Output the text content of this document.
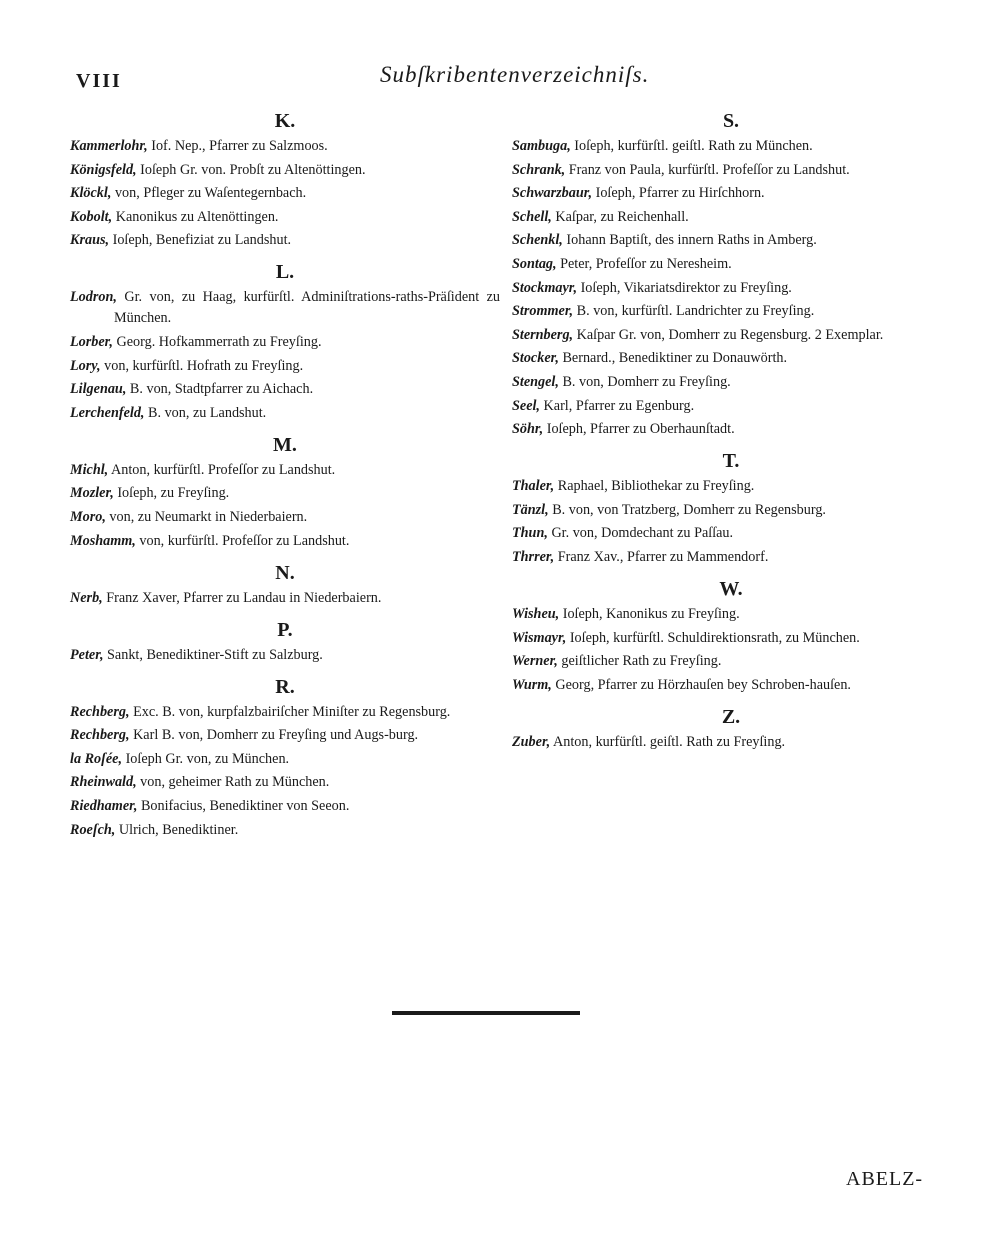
VIII	Subſkribentenverzeichniſs.
K.
Kammerlohr, Iof. Nep., Pfarrer zu Salzmoos.
Königsfeld, Ioſeph Gr. von. Probſt zu Altenöttingen.
Klöckl, von, Pfleger zu Waſentegernbach.
Kobolt, Kanonikus zu Altenöttingen.
Kraus, Ioſeph, Benefiziat zu Landshut.
L.
Lodron, Gr. von, zu Haag, kurfürſtl. Adminiſtrations-raths-Präſident zu München.
Lorber, Georg. Hofkammerrath zu Freyſing.
Lory, von, kurfürſtl. Hofrath zu Freyſing.
Lilgenau, B. von, Stadtpfarrer zu Aichach.
Lerchenfeld, B. von, zu Landshut.
M.
Michl, Anton, kurfürſtl. Profeſſor zu Landshut.
Mozler, Ioſeph, zu Freyſing.
Moro, von, zu Neumarkt in Niederbaiern.
Moshamm, von, kurfürſtl. Profeſſor zu Landshut.
N.
Nerb, Franz Xaver, Pfarrer zu Landau in Niederbaiern.
P.
Peter, Sankt, Benediktiner-Stift zu Salzburg.
R.
Rechberg, Exc. B. von, kurpfalzbairiſcher Miniſter zu Regensburg.
Rechberg, Karl B. von, Domherr zu Freyſing und Augs-burg.
la Roſée, Ioſeph Gr. von, zu München.
Rheinwald, von, geheimer Rath zu München.
Riedhamer, Bonifacius, Benediktiner von Seeon.
Roeſch, Ulrich, Benediktiner.
S.
Sambuga, Ioſeph, kurfürſtl. geiſtl. Rath zu München.
Schrank, Franz von Paula, kurfürſtl. Profeſſor zu Landshut.
Schwarzbaur, Ioſeph, Pfarrer zu Hirſchhorn.
Schell, Kaſpar, zu Reichenhall.
Schenkl, Iohann Baptiſt, des innern Raths in Amberg.
Sontag, Peter, Profeſſor zu Neresheim.
Stockmayr, Ioſeph, Vikariatsdirektor zu Freyſing.
Strommer, B. von, kurfürſtl. Landrichter zu Freyſing.
Sternberg, Kaſpar Gr. von, Domherr zu Regensburg. 2 Exemplar.
Stocker, Bernard., Benediktiner zu Donauwörth.
Stengel, B. von, Domherr zu Freyſing.
Seel, Karl, Pfarrer zu Egenburg.
Söhr, Ioſeph, Pfarrer zu Oberhaunſtadt.
T.
Thaler, Raphael, Bibliothekar zu Freyſing.
Tänzl, B. von, von Tratzberg, Domherr zu Regensburg.
Thun, Gr. von, Domdechant zu Paſſau.
Thrrer, Franz Xav., Pfarrer zu Mammendorf.
W.
Wisheu, Ioſeph, Kanonikus zu Freyſing.
Wismayr, Ioſeph, kurfürſtl. Schuldirektionsrath, zu München.
Werner, geiſtlicher Rath zu Freyſing.
Wurm, Georg, Pfarrer zu Hörzhauſen bey Schroben-hauſen.
Z.
Zuber, Anton, kurfürſtl. geiſtl. Rath zu Freyſing.
ABELZ-
